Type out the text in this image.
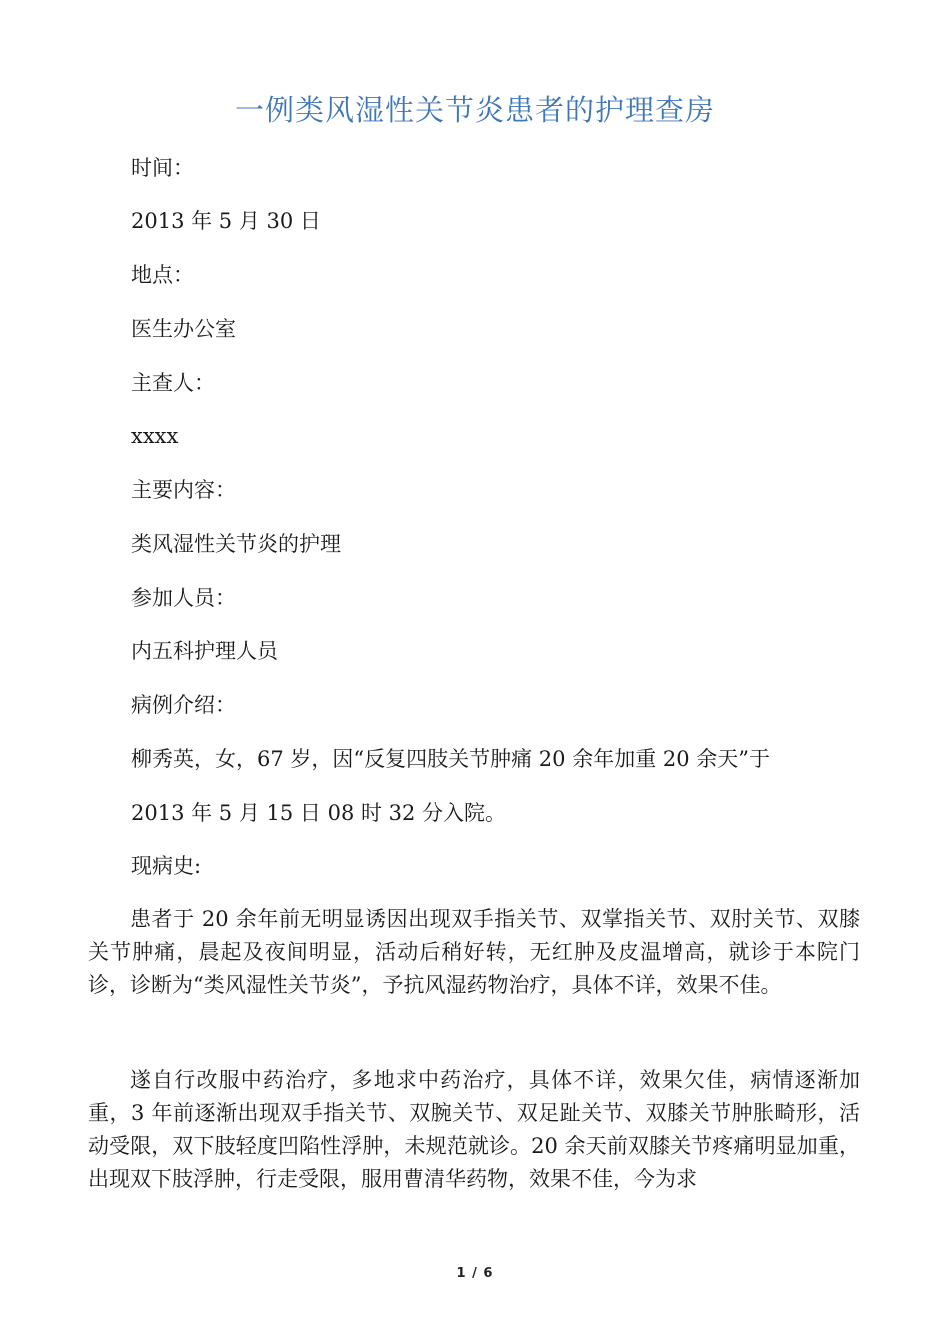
一例类风湿性关节炎患者的护理查房
时间：
2013 年 5 月 30 日
地点：
医生办公室
主查人：
xxxx
主要内容：
类风湿性关节炎的护理
参加人员：
内五科护理人员
病例介绍：
柳秀英，女，67 岁，因“反复四肢关节肿痛 20 余年加重 20 余天”于
2013 年 5 月 15 日 08 时 32 分入院。
现病史:
患者于 20 余年前无明显诱因出现双手指关节、双掌指关节、双肘关节、双膝关节肿痛，晨起及夜间明显，活动后稍好转，无红肿及皮温增高，就诊于本院门诊，诊断为“类风湿性关节炎”，予抗风湿药物治疗，具体不详，效果不佳。
遂自行改服中药治疗，多地求中药治疗，具体不详，效果欠佳，病情逐渐加重，3 年前逐渐出现双手指关节、双腕关节、双足趾关节、双膝关节肿胀畸形，活动受限，双下肢轻度凹陷性浮肿，未规范就诊。20 余天前双膝关节疼痛明显加重，出现双下肢浮肿，行走受限，服用曹清华药物，效果不佳，今为求
1 / 6
